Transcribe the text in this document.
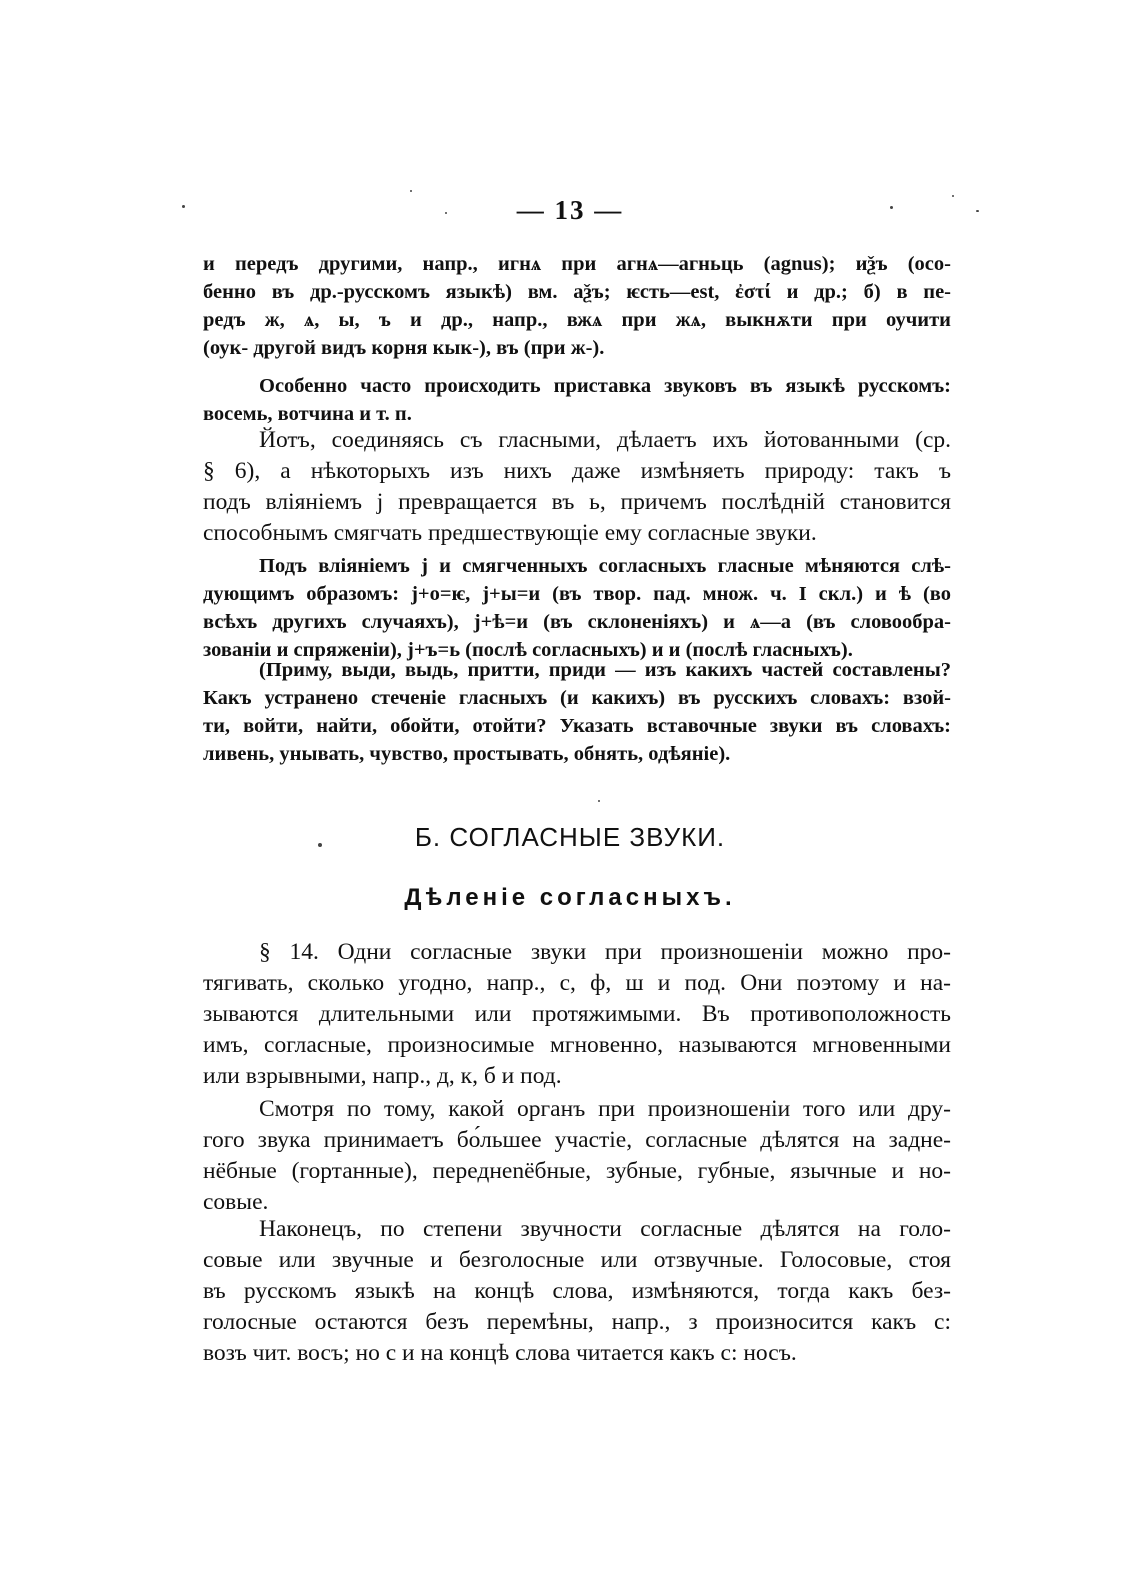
— 13 —
и передъ другими, напр., игнѧ при агнѧ—агньць (agnus); иѯъ (осо-
бенно въ др.-русскомъ языкѣ) вм. аѯъ; ѥсть—est, ἐστί и др.; б) в пе-
редъ ж, ѧ, ы, ъ и др., напр., вжѧ при жѧ, выкнѫти при оучити
(оук- другой видъ корня кык-), въ (при ж-).
Особенно часто происходить приставка звуковъ въ языкѣ русскомъ:
восемь, вотчина и т. п.
Йотъ, соединяясь съ гласными, дѣлаетъ ихъ йотованными (ср.
§ 6), а нѣкоторыхъ изъ нихъ даже измѣняеть природу: такъ ъ
подъ вліяніемъ j превращается въ ь, причемъ послѣдній становится
способнымъ смягчать предшествующіе ему согласные звуки.
Подъ вліяніемъ j и смягченныхъ согласныхъ гласные мѣняются слѣ-
дующимъ образомъ: j+о=ѥ, j+ы=и (въ твор. пад. множ. ч. I скл.) и ѣ (во
всѣхъ другихъ случаяхъ), j+ѣ=и (въ склоненіяхъ) и ѧ—а (въ словообра-
зованіи и спряженіи), j+ъ=ь (послѣ согласныхъ) и и (послѣ гласныхъ).
(Приму, выди, выдь, притти, приди — изъ какихъ частей составлены?
Какъ устранено стеченіе гласныхъ (и какихъ) въ русскихъ словахъ: взой-
ти, войти, найти, обойти, отойти? Указать вставочные звуки въ словахъ:
ливень, унывать, чувство, простывать, обнять, одѣяніе).
Б. СОГЛАСНЫЕ ЗВУКИ.
Дѣленіе согласныхъ.
§ 14. Одни согласные звуки при произношеніи можно про-
тягивать, сколько угодно, напр., с, ф, ш и под. Они поэтому и на-
зываются длительными или протяжимыми. Въ противоположность
имъ, согласные, произносимые мгновенно, называются мгновенными
или взрывными, напр., д, к, б и под.
Смотря по тому, какой органъ при произношеніи того или дру-
гого звука принимаетъ бо́льшее участіе, согласные дѣлятся на задне-
нёбные (гортанные), переднenёбные, зубные, губные, язычные и но-
совые.
Наконецъ, по степени звучности согласные дѣлятся на голо-
совые или звучные и безголосные или отзвучные. Голосовые, стоя
въ русскомъ языкѣ на концѣ слова, измѣняются, тогда какъ без-
голосные остаются безъ перемѣны, напр., з произносится какъ с:
возъ чит. восъ; но с и на концѣ слова читается какъ с: носъ.
